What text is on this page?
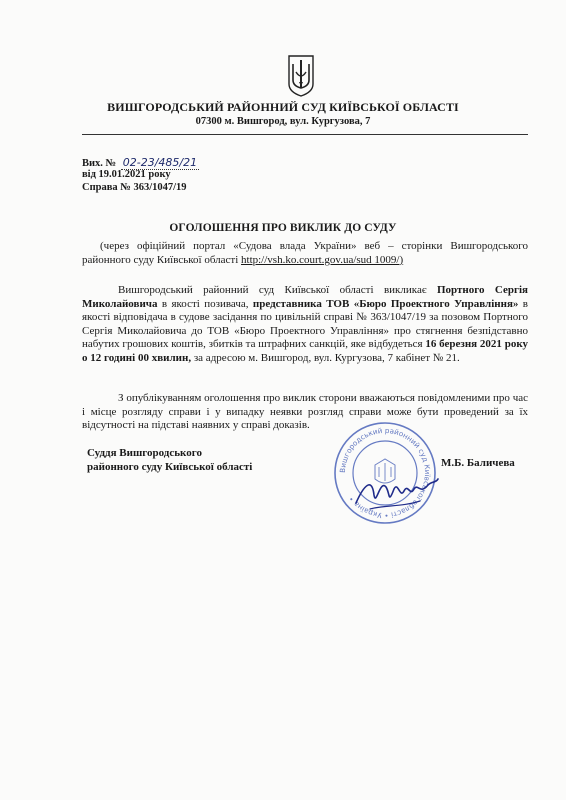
ВИШГОРОДСЬКИЙ РАЙОННИЙ СУД КИЇВСЬКОЇ ОБЛАСТІ
07300 м. Вишгород, вул. Кургузова, 7
Вих. № 02-23/485/21
від 19.01.2021 року
Справа № 363/1047/19
ОГОЛОШЕННЯ ПРО ВИКЛИК ДО СУДУ
(через офіційний портал «Судова влада України» веб – сторінки Вишгородського районного суду Київської області http://vsh.ko.court.gov.ua/sud 1009/)
Вишгородський районний суд Київської області викликає Портного Сергія Миколайовича в якості позивача, представника ТОВ «Бюро Проектного Управління» в якості відповідача в судове засідання по цивільній справі № 363/1047/19 за позовом Портного Сергія Миколайовича до ТОВ «Бюро Проектного Управління» про стягнення безпідставно набутих грошових коштів, збитків та штрафних санкцій, яке відбудеться 16 березня 2021 року о 12 годині 00 хвилин, за адресою м. Вишгород, вул. Кургузова, 7 кабінет № 21.
З опублікуванням оголошення про виклик сторони вважаються повідомленими про час і місце розгляду справи і у випадку неявки розгляд справи може бути проведений за їх відсутності на підставі наявних у справі доказів.
Суддя Вишгородського
районного суду Київської області	Вишгородський районний суд Київської області • Україна •
М.Б. Баличева
